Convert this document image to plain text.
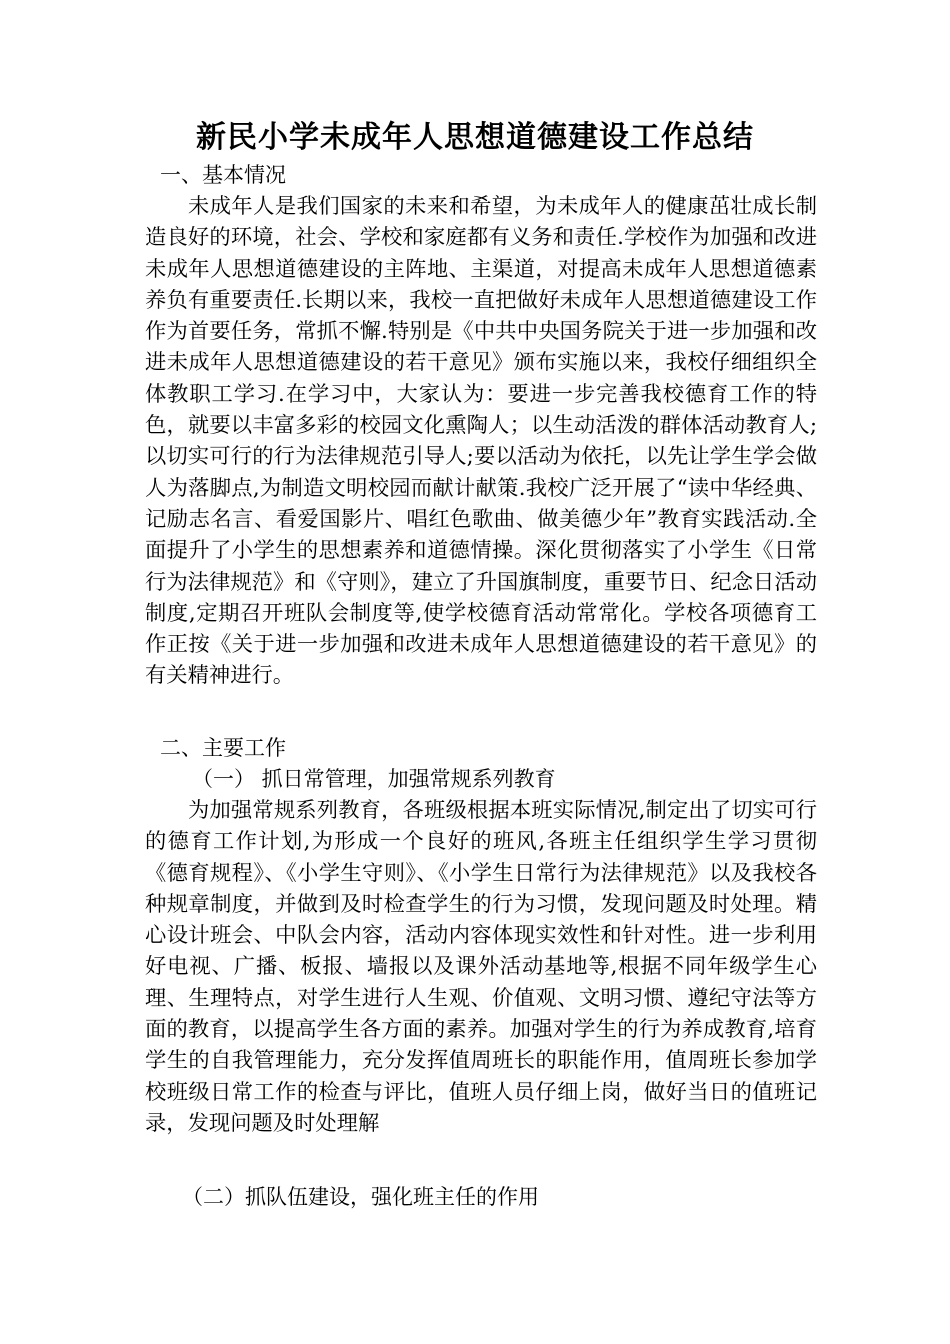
新民小学未成年人思想道德建设工作总结
一、基本情况

未成年人是我们国家的未来和希望，为未成年人的健康茁壮成长制造良好的环境，社会、学校和家庭都有义务和责任.学校作为加强和改进未成年人思想道德建设的主阵地、主渠道，对提高未成年人思想道德素养负有重要责任.长期以来，我校一直把做好未成年人思想道德建设工作作为首要任务，常抓不懈.特别是《中共中央国务院关于进一步加强和改进未成年人思想道德建设的若干意见》颁布实施以来，我校仔细组织全体教职工学习.在学习中，大家认为：要进一步完善我校德育工作的特色，就要以丰富多彩的校园文化熏陶人；以生动活泼的群体活动教育人;以切实可行的行为法律规范引导人;要以活动为依托，以先让学生学会做人为落脚点,为制造文明校园而献计献策.我校广泛开展了“读中华经典、记励志名言、看爱国影片、唱红色歌曲、做美德少年”教育实践活动.全面提升了小学生的思想素养和道德情操。深化贯彻落实了小学生《日常行为法律规范》和《守则》，建立了升国旗制度，重要节日、纪念日活动制度,定期召开班队会制度等,使学校德育活动常常化。学校各项德育工作正按《关于进一步加强和改进未成年人思想道德建设的若干意见》的有关精神进行。

二、主要工作
（一） 抓日常管理，加强常规系列教育

为加强常规系列教育，各班级根据本班实际情况,制定出了切实可行的德育工作计划,为形成一个良好的班风,各班主任组织学生学习贯彻《德育规程》、《小学生守则》、《小学生日常行为法律规范》以及我校各种规章制度，并做到及时检查学生的行为习惯，发现问题及时处理。精心设计班会、中队会内容，活动内容体现实效性和针对性。进一步利用好电视、广播、板报、墙报以及课外活动基地等,根据不同年级学生心理、生理特点，对学生进行人生观、价值观、文明习惯、遵纪守法等方面的教育，以提高学生各方面的素养。加强对学生的行为养成教育,培育学生的自我管理能力，充分发挥值周班长的职能作用，值周班长参加学校班级日常工作的检查与评比，值班人员仔细上岗，做好当日的值班记录，发现问题及时处理解

（二）抓队伍建设，强化班主任的作用
